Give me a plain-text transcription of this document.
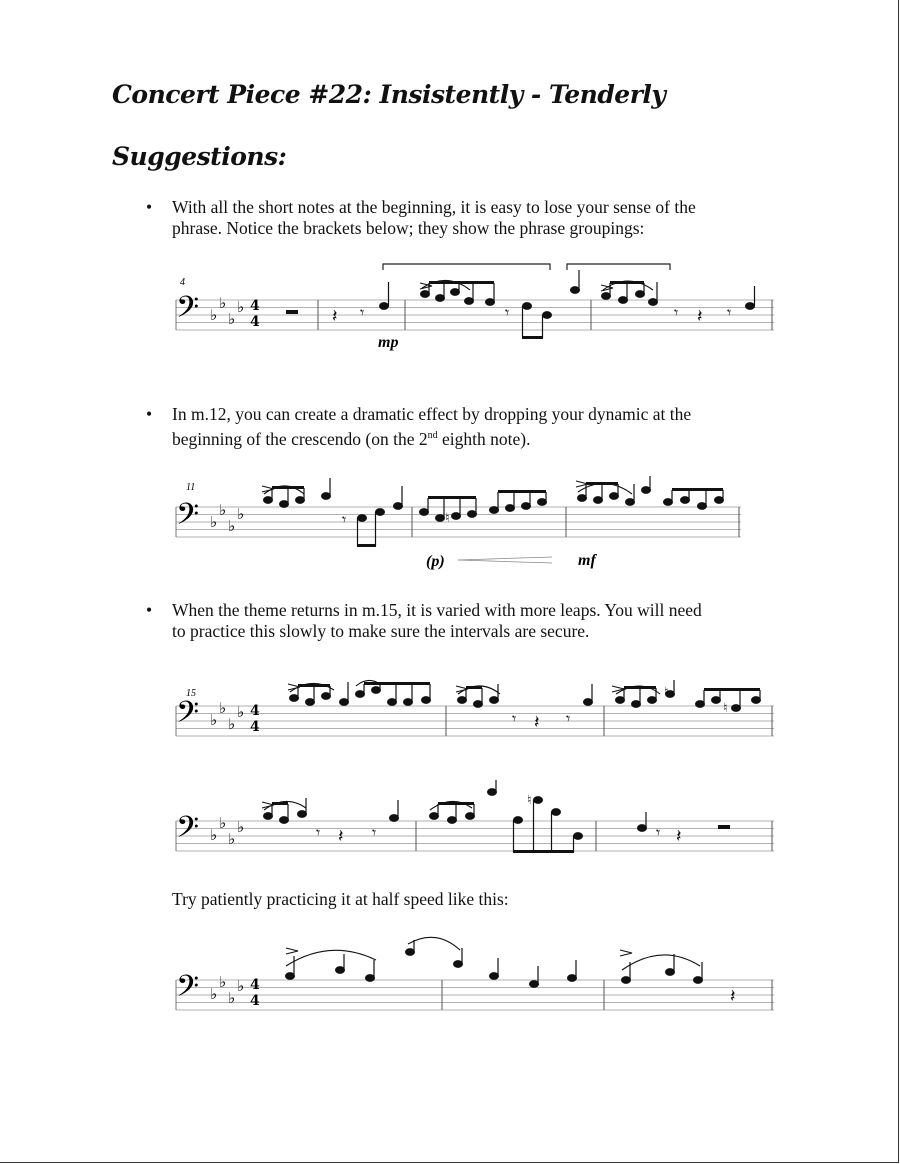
Concert Piece #22: Insistently - Tenderly
Suggestions:
• With all the short notes at the beginning, it is easy to lose your sense of the
phrase. Notice the brackets below; they show the phrase groupings:
4
𝄢 ♭
♭
♭
♭ 4
4
mp
𝄽 𝄾	𝄾	𝄾 𝄽 𝄾
• In m.12, you can create a dramatic effect by dropping your dynamic at the
beginning of the crescendo (on the 2nd eighth note).
11
𝄢 ♭
♭
♭
♭	𝄾	♮
(p)	mf
• When the theme returns in m.15, it is varied with more leaps. You will need
to practice this slowly to make sure the intervals are secure.
15
𝄢 ♭
♭
♭
♭ 4
4	𝄾 𝄽 𝄾
♮
♮
𝄢 ♭
♭
♭
♭	𝄾 𝄽 𝄾
♮
𝄾 𝄽
Try patiently practicing it at half speed like this:
𝄢 ♭
♭
♭
♭ 4
4	𝄽
